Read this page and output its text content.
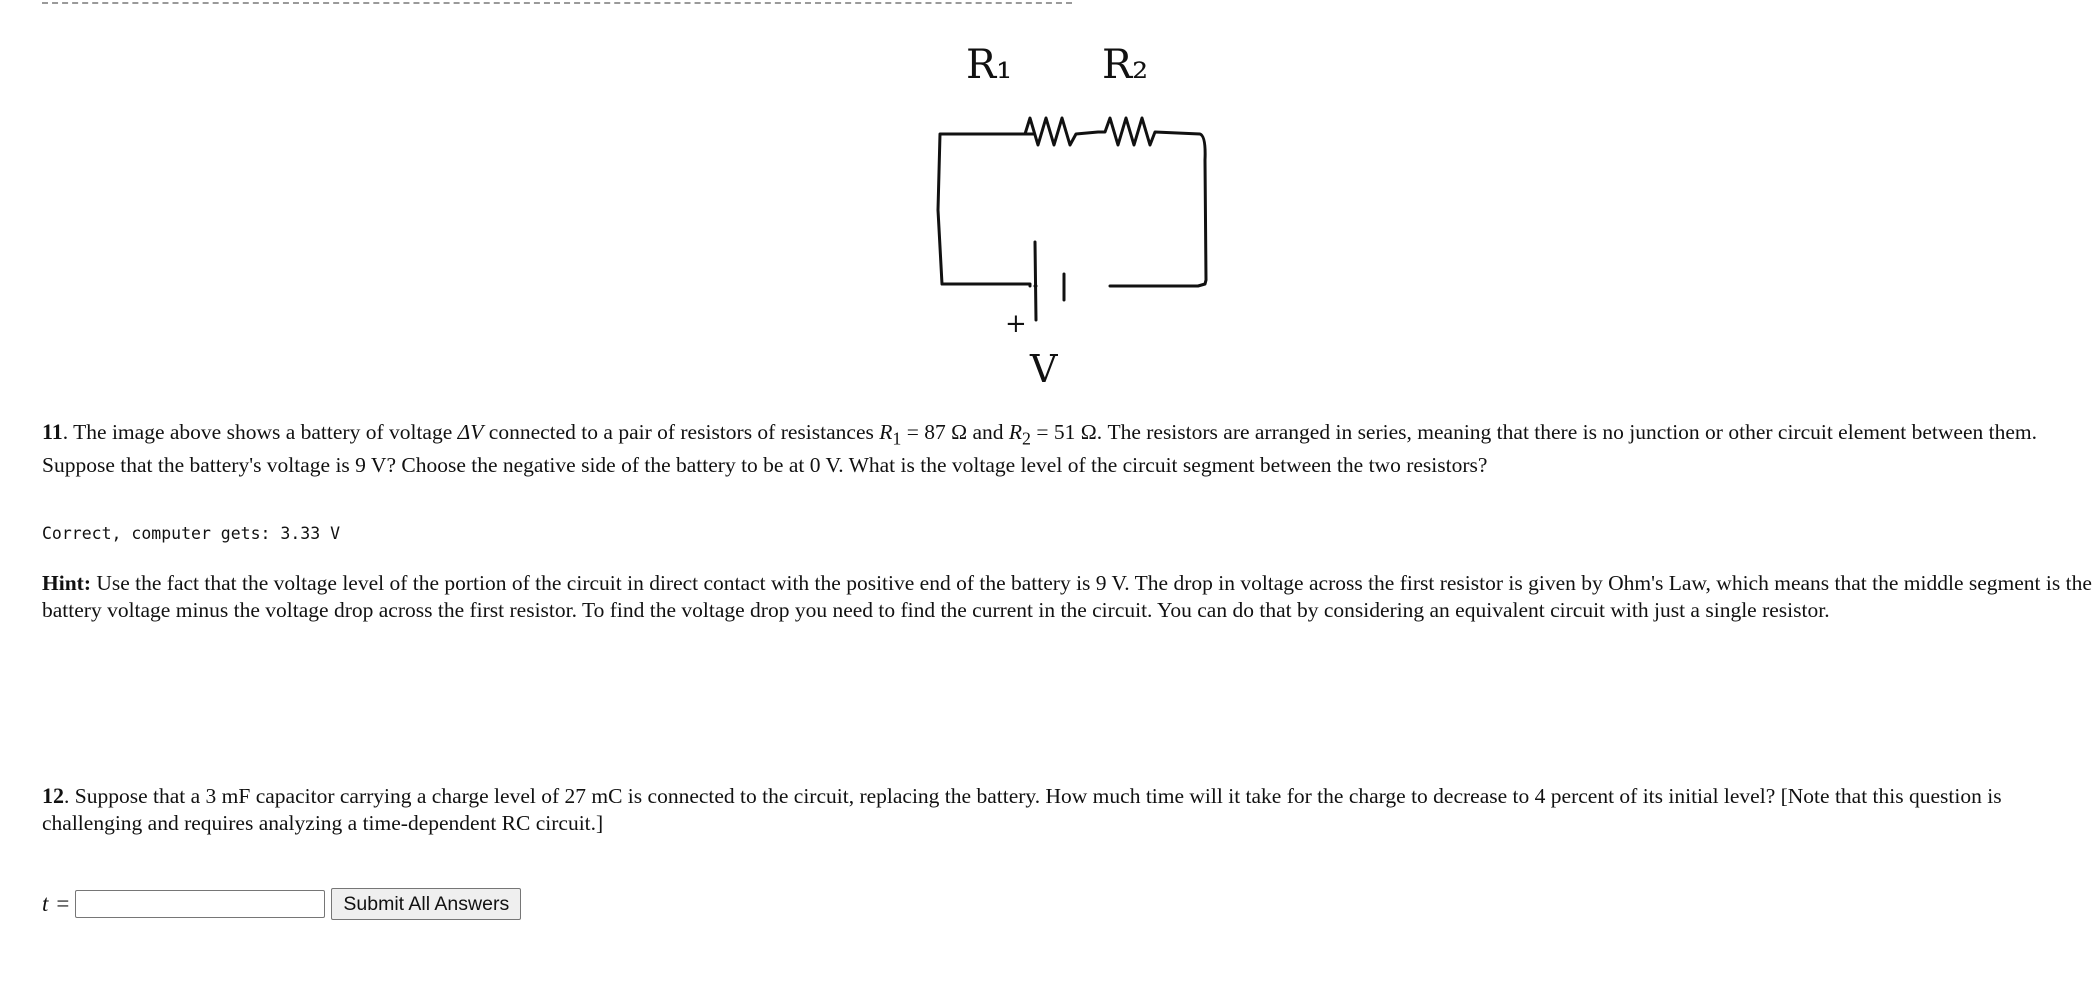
R₁ R₂
+
V
11. The image above shows a battery of voltage ΔV connected to a pair of resistors of resistances $R_1 = 87$ Ω and $R_2 = 51$ Ω. The resistors are arranged in series, meaning that there is no junction or other circuit element between them. Suppose that the battery's voltage is 9 V? Choose the negative side of the battery to be at 0 V. What is the voltage level of the circuit segment between the two resistors?
Correct, computer gets: 3.33 V
Hint: Use the fact that the voltage level of the portion of the circuit in direct contact with the positive end of the battery is 9 V. The drop in voltage across the first resistor is given by Ohm's Law, which means that the middle segment is the battery voltage minus the voltage drop across the first resistor. To find the voltage drop you need to find the current in the circuit. You can do that by considering an equivalent circuit with just a single resistor.
12. Suppose that a 3 mF capacitor carrying a charge level of 27 mC is connected to the circuit, replacing the battery. How much time will it take for the charge to decrease to 4 percent of its initial level? [Note that this question is challenging and requires analyzing a time-dependent RC circuit.]
t =	Submit All Answers
